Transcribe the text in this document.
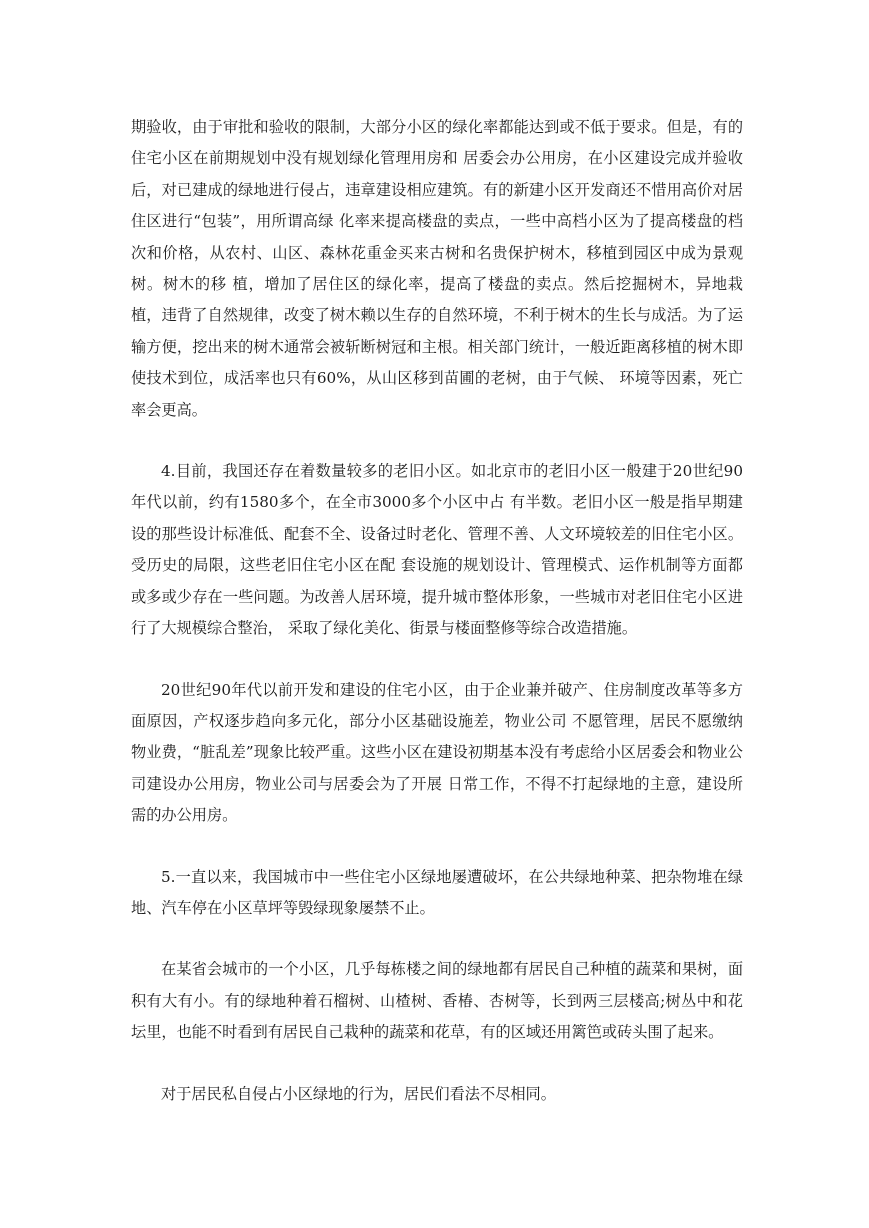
期验收，由于审批和验收的限制，大部分小区的绿化率都能达到或不低于要求。但是，有的住宅小区在前期规划中没有规划绿化管理用房和 居委会办公用房，在小区建设完成并验收后，对已建成的绿地进行侵占，违章建设相应建筑。有的新建小区开发商还不惜用高价对居住区进行“包装”，用所谓高绿 化率来提高楼盘的卖点，一些中高档小区为了提高楼盘的档次和价格，从农村、山区、森林花重金买来古树和名贵保护树木，移植到园区中成为景观树。树木的移 植，增加了居住区的绿化率，提高了楼盘的卖点。然后挖掘树木，异地栽植，违背了自然规律，改变了树木赖以生存的自然环境，不利于树木的生长与成活。为了运 输方便，挖出来的树木通常会被斩断树冠和主根。相关部门统计，一般近距离移植的树木即使技术到位，成活率也只有60%，从山区移到苗圃的老树，由于气候、 环境等因素，死亡率会更高。

4.目前，我国还存在着数量较多的老旧小区。如北京市的老旧小区一般建于20世纪90年代以前，约有1580多个，在全市3000多个小区中占 有半数。老旧小区一般是指早期建设的那些设计标准低、配套不全、设备过时老化、管理不善、人文环境较差的旧住宅小区。受历史的局限，这些老旧住宅小区在配 套设施的规划设计、管理模式、运作机制等方面都或多或少存在一些问题。为改善人居环境，提升城市整体形象，一些城市对老旧住宅小区进行了大规模综合整治， 采取了绿化美化、街景与楼面整修等综合改造措施。

20世纪90年代以前开发和建设的住宅小区，由于企业兼并破产、住房制度改革等多方面原因，产权逐步趋向多元化，部分小区基础设施差，物业公司 不愿管理，居民不愿缴纳物业费，“脏乱差”现象比较严重。这些小区在建设初期基本没有考虑给小区居委会和物业公司建设办公用房，物业公司与居委会为了开展 日常工作，不得不打起绿地的主意，建设所需的办公用房。

5.一直以来，我国城市中一些住宅小区绿地屡遭破坏，在公共绿地种菜、把杂物堆在绿地、汽车停在小区草坪等毁绿现象屡禁不止。

在某省会城市的一个小区，几乎每栋楼之间的绿地都有居民自己种植的蔬菜和果树，面积有大有小。有的绿地种着石榴树、山楂树、香椿、杏树等，长到两三层楼高;树丛中和花坛里，也能不时看到有居民自己栽种的蔬菜和花草，有的区域还用篱笆或砖头围了起来。

对于居民私自侵占小区绿地的行为，居民们看法不尽相同。
